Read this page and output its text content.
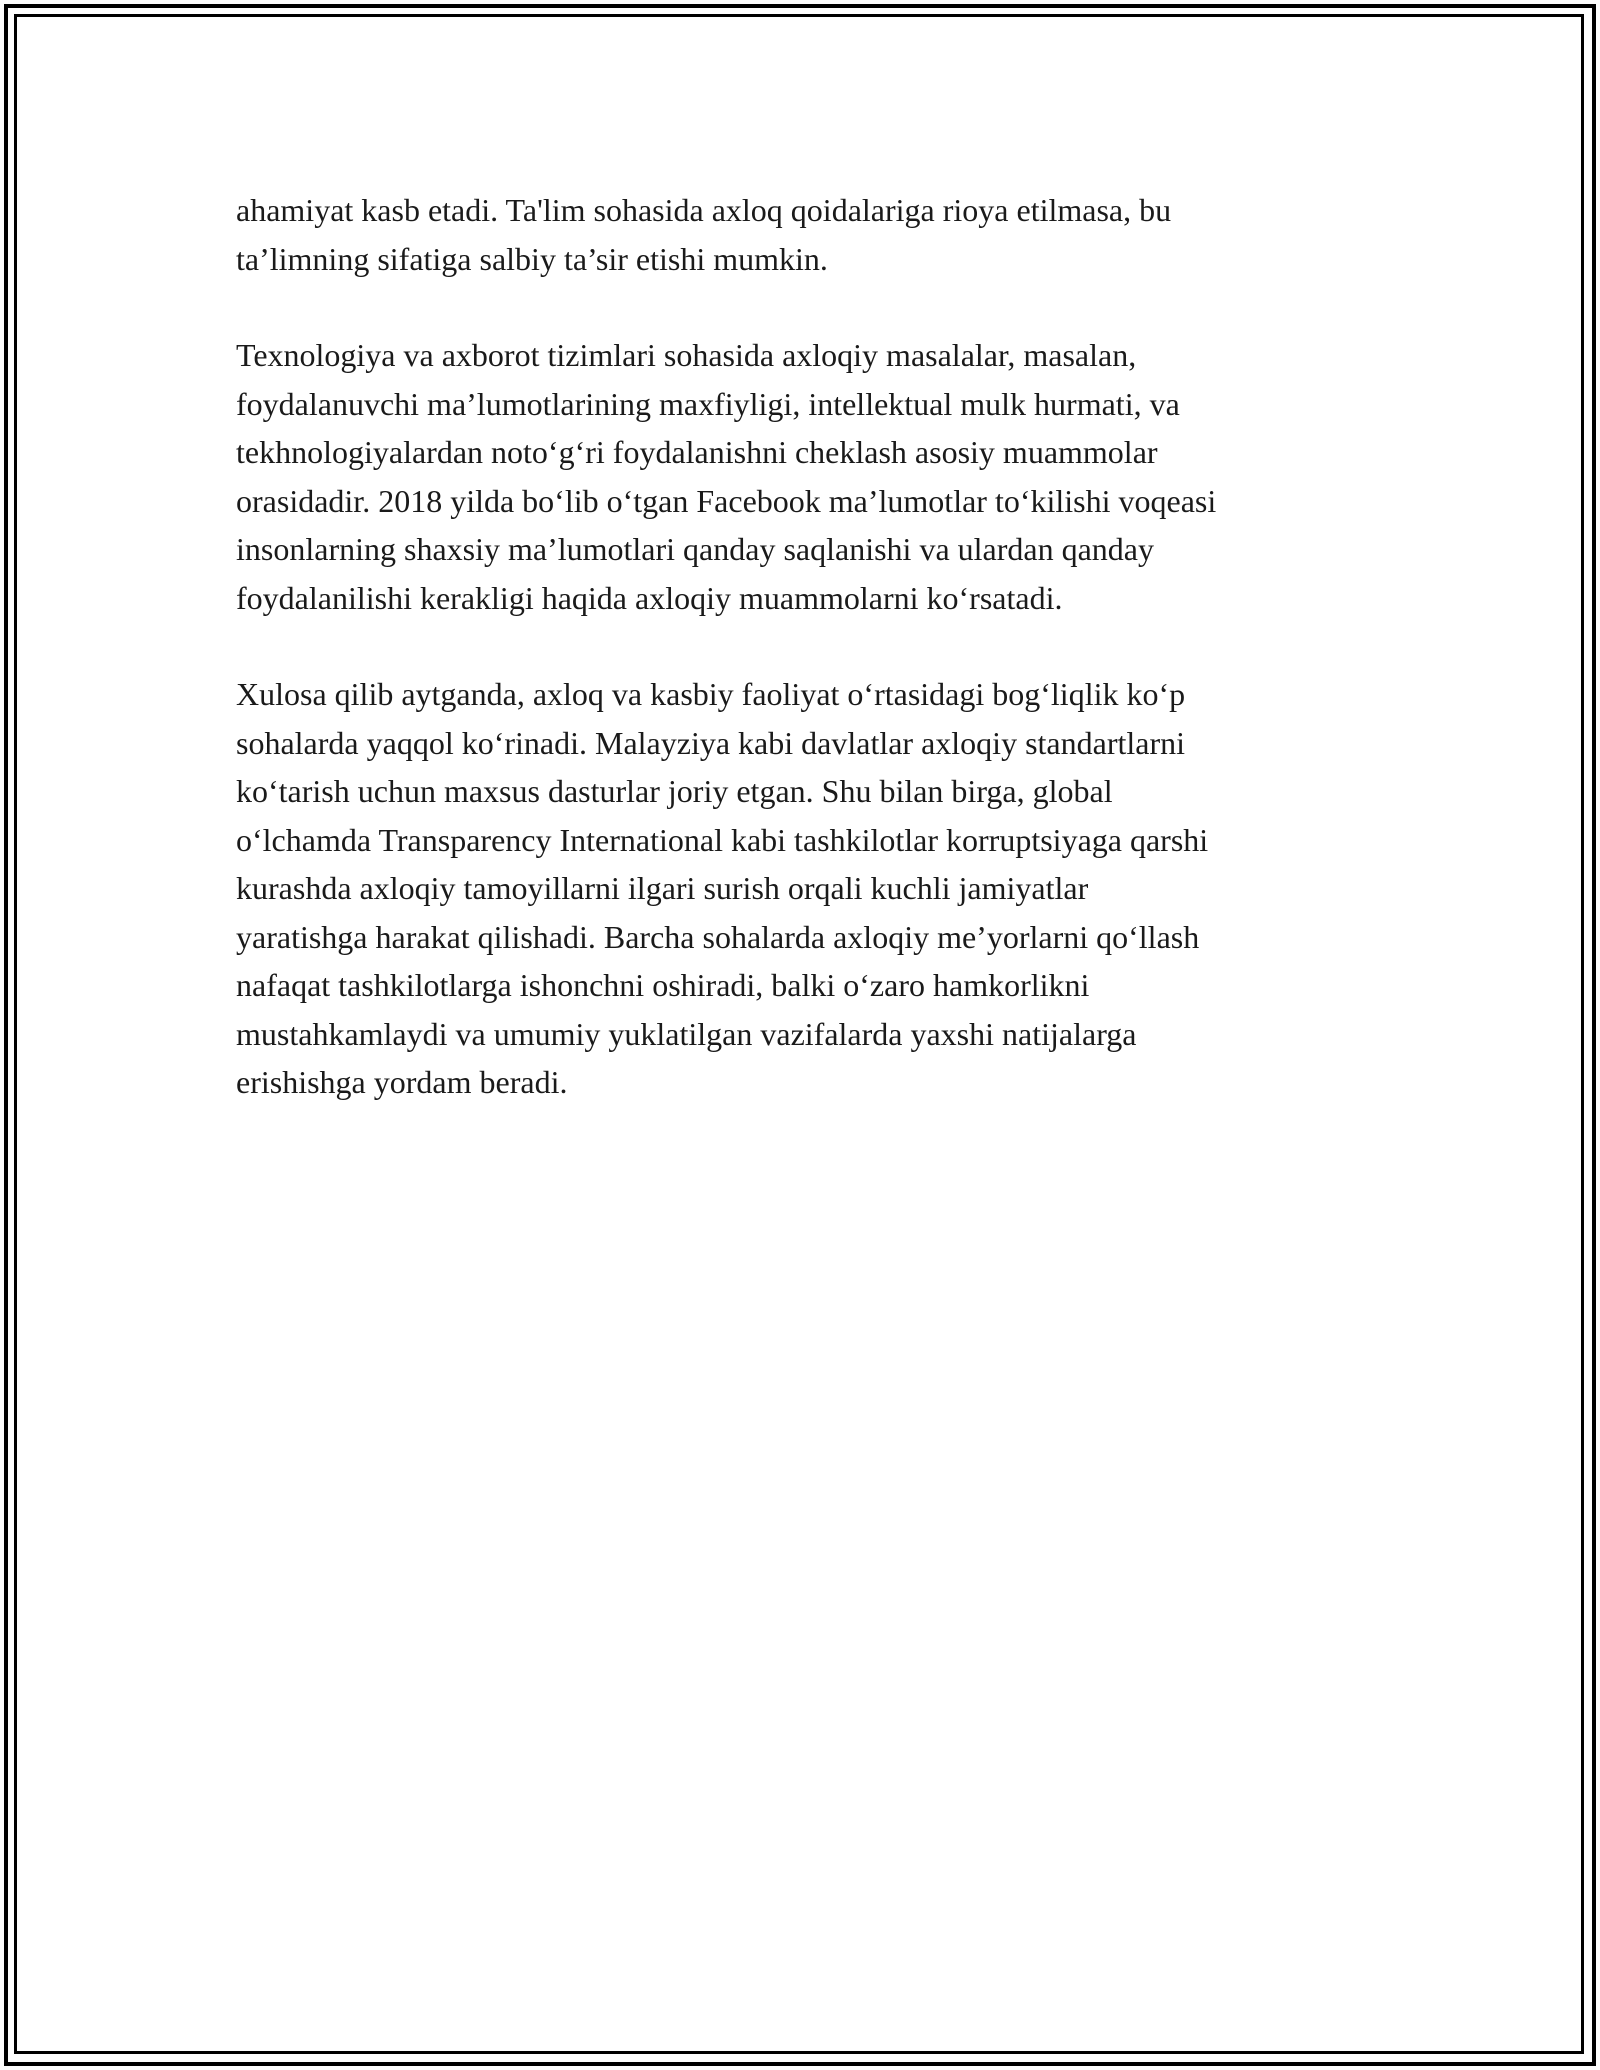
ahamiyat kasb etadi. Ta'lim sohasida axloq qoidalariga rioya etilmasa, bu
ta’limning sifatiga salbiy ta’sir etishi mumkin.
Texnologiya va axborot tizimlari sohasida axloqiy masalalar, masalan,
foydalanuvchi ma’lumotlarining maxfiyligi, intellektual mulk hurmati, va
tekhnologiyalardan noto‘g‘ri foydalanishni cheklash asosiy muammolar
orasidadir. 2018 yilda bo‘lib o‘tgan Facebook ma’lumotlar to‘kilishi voqeasi
insonlarning shaxsiy ma’lumotlari qanday saqlanishi va ulardan qanday
foydalanilishi kerakligi haqida axloqiy muammolarni ko‘rsatadi.
Xulosa qilib aytganda, axloq va kasbiy faoliyat o‘rtasidagi bog‘liqlik ko‘p
sohalarda yaqqol ko‘rinadi. Malayziya kabi davlatlar axloqiy standartlarni
ko‘tarish uchun maxsus dasturlar joriy etgan. Shu bilan birga, global
o‘lchamda Transparency International kabi tashkilotlar korruptsiyaga qarshi
kurashda axloqiy tamoyillarni ilgari surish orqali kuchli jamiyatlar
yaratishga harakat qilishadi. Barcha sohalarda axloqiy me’yorlarni qo‘llash
nafaqat tashkilotlarga ishonchni oshiradi, balki o‘zaro hamkorlikni
mustahkamlaydi va umumiy yuklatilgan vazifalarda yaxshi natijalarga
erishishga yordam beradi.
